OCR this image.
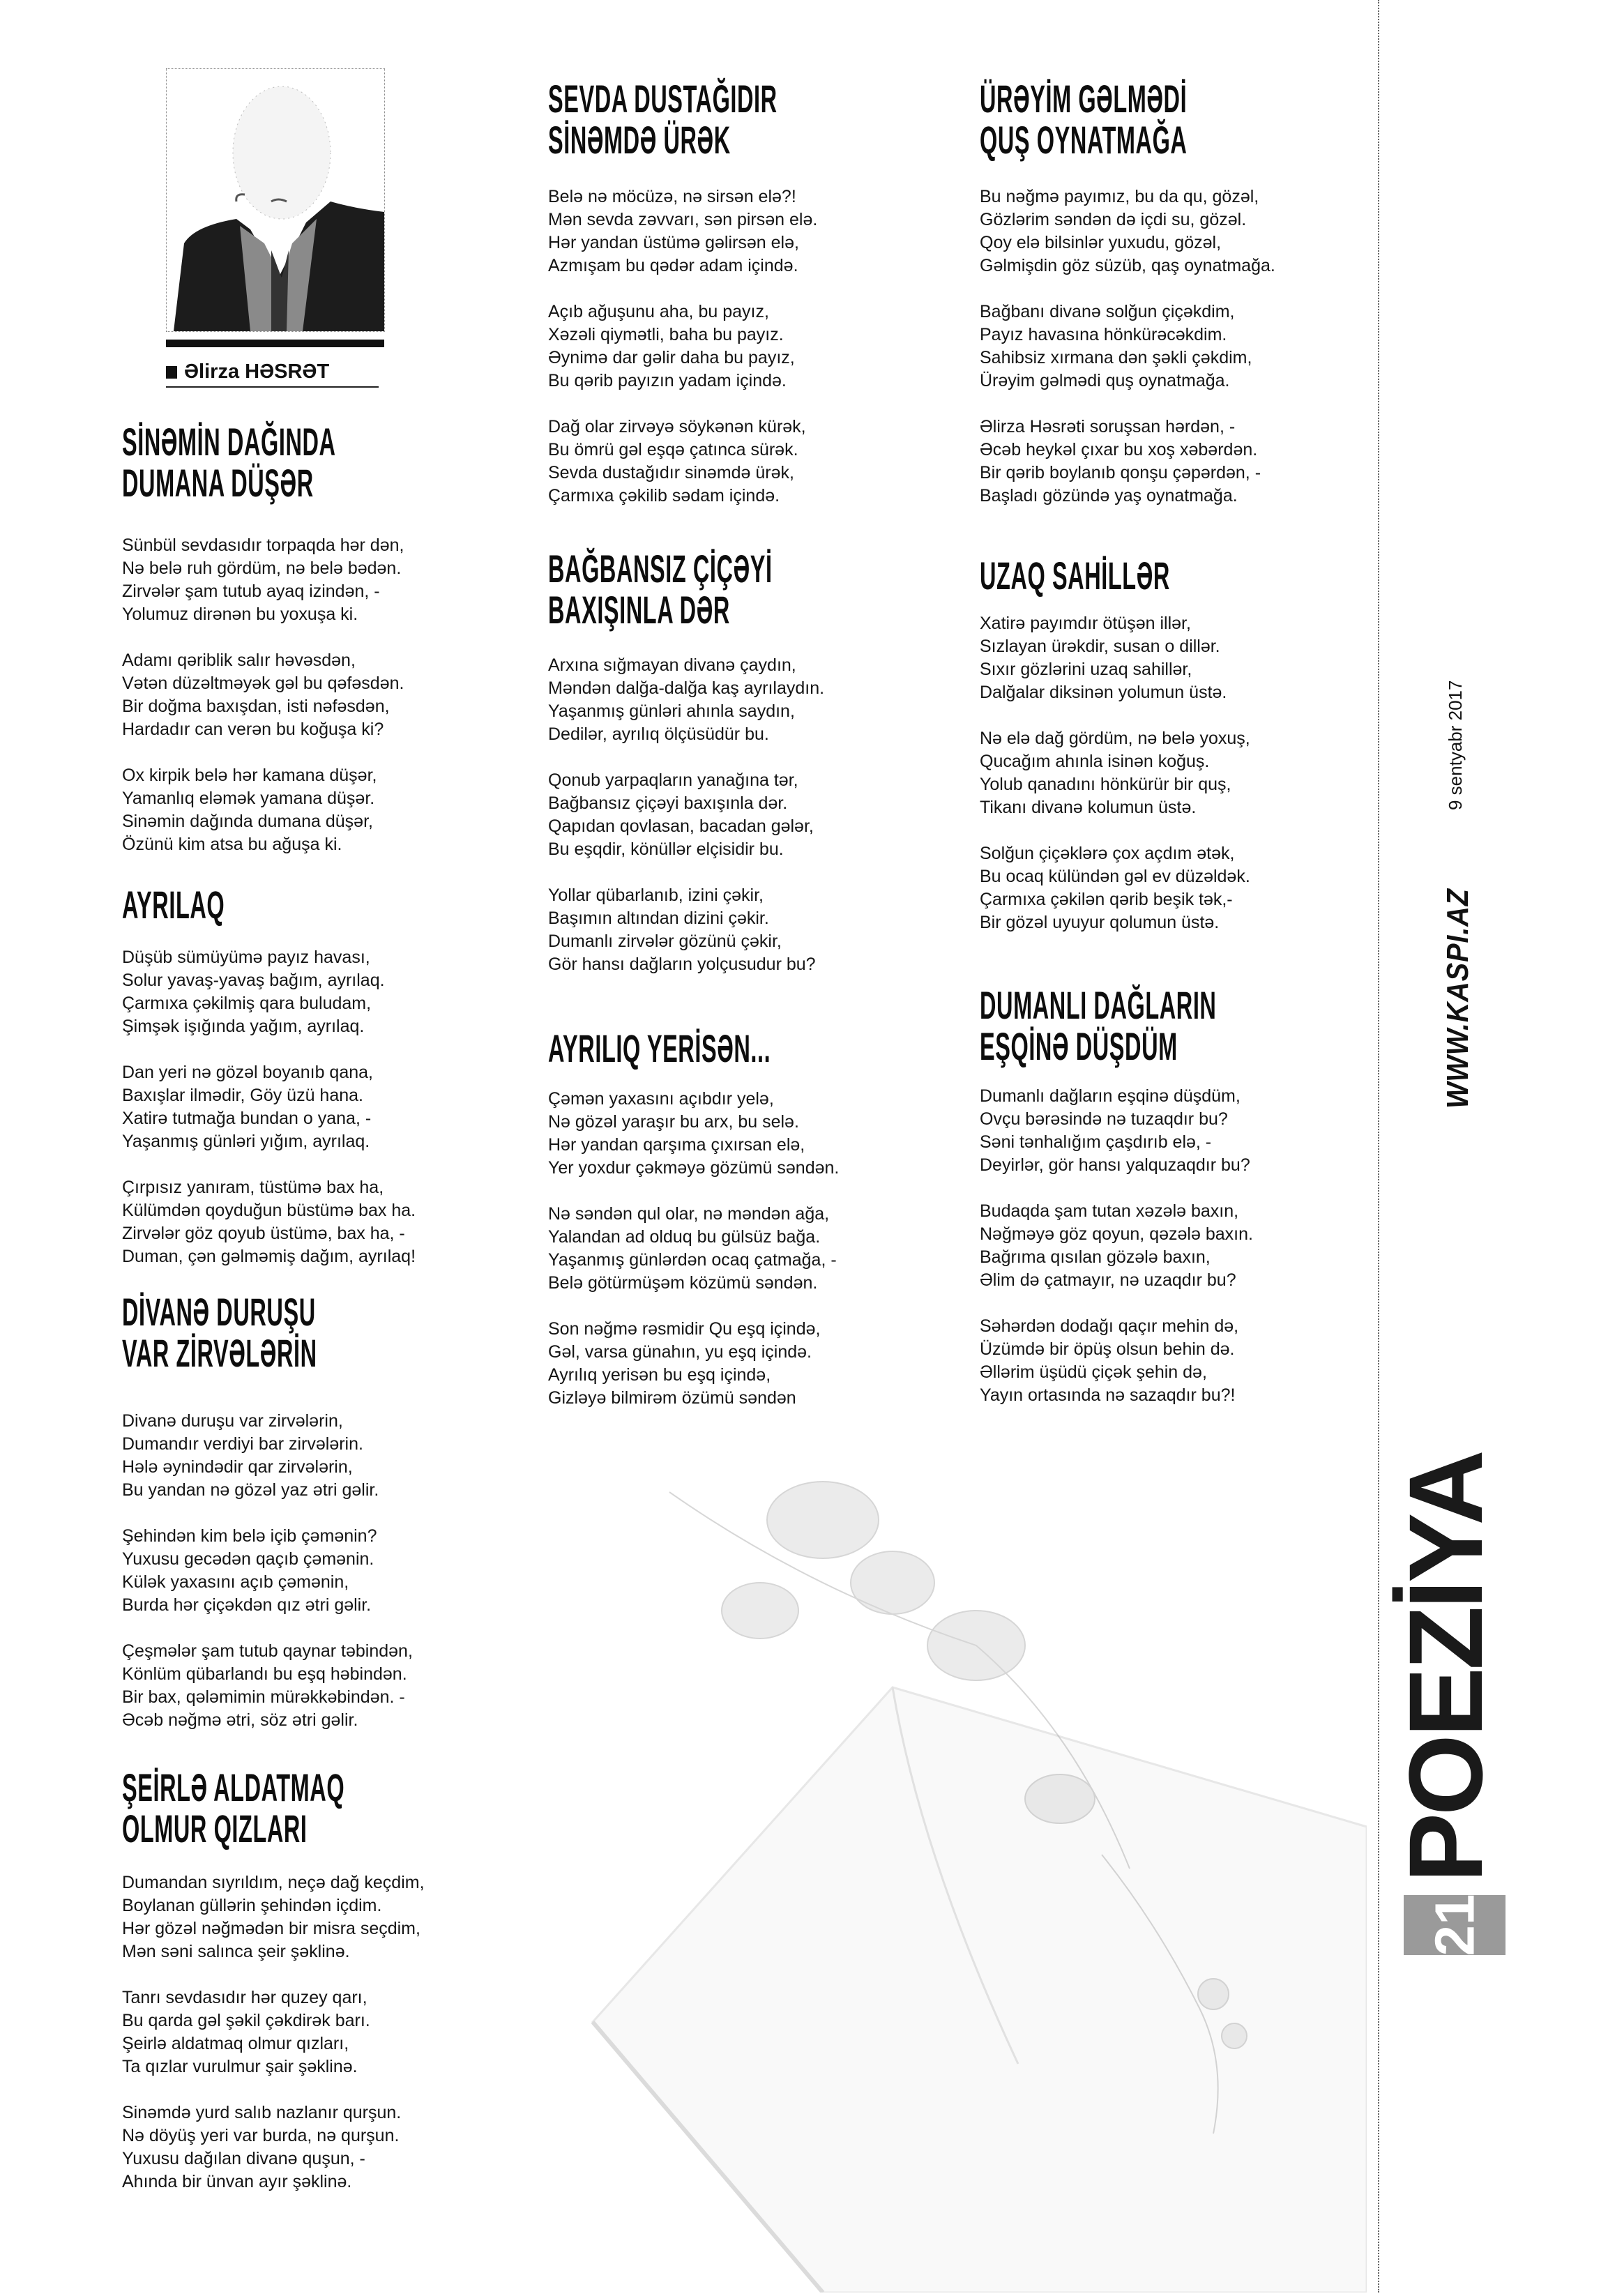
Əlirza HƏSRƏT
SİNƏMİN DAĞINDA
DUMANA DÜŞƏR

Sünbül sevdasıdır torpaqda hər dən,
Nə belə ruh gördüm, nə belə bədən.
Zirvələr şam tutub ayaq izindən, -
Yolumuz dirənən bu yoxuşa ki.

Adamı qəriblik salır həvəsdən,
Vətən düzəltməyək gəl bu qəfəsdən.
Bir doğma baxışdan, isti nəfəsdən,
Hardadır can verən bu koğuşa ki?

Ox kirpik belə hər kamana düşər,
Yamanlıq eləmək yamana düşər.
Sinəmin dağında dumana düşər,
Özünü kim atsa bu ağuşa ki.

AYRILAQ

Düşüb sümüyümə payız havası,
Solur yavaş-yavaş bağım, ayrılaq.
Çarmıxa çəkilmiş qara buludam,
Şimşək işığında yağım, ayrılaq.

Dan yeri nə gözəl boyanıb qana,
Baxışlar ilmədir, Göy üzü hana.
Xatirə tutmağa bundan o yana, -
Yaşanmış günləri yığım, ayrılaq.

Çırpısız yanıram, tüstümə bax ha,
Külümdən qoyduğun büstümə bax ha.
Zirvələr göz qoyub üstümə, bax ha, -
Duman, çən gəlməmiş dağım, ayrılaq!

DİVANƏ DURUŞU
VAR ZİRVƏLƏRİN

Divanə duruşu var zirvələrin,
Dumandır verdiyi bar zirvələrin.
Hələ əynindədir qar zirvələrin,
Bu yandan nə gözəl yaz ətri gəlir.

Şehindən kim belə içib çəmənin?
Yuxusu gecədən qaçıb çəmənin.
Külək yaxasını açıb çəmənin,
Burda hər çiçəkdən qız ətri gəlir.

Çeşmələr şam tutub qaynar təbindən,
Könlüm qübarlandı bu eşq həbindən.
Bir bax, qələmimin mürəkkəbindən. -
Əcəb nəğmə ətri, söz ətri gəlir.

ŞEİRLƏ ALDATMAQ
OLMUR QIZLARI

Dumandan sıyrıldım, neçə dağ keçdim,
Boylanan güllərin şehindən içdim.
Hər gözəl nəğmədən bir misra seçdim,
Mən səni salınca şeir şəklinə.

Tanrı sevdasıdır hər quzey qarı,
Bu qarda gəl şəkil çəkdirək barı.
Şeirlə aldatmaq olmur qızları,
Ta qızlar vurulmur şair şəklinə.

Sinəmdə yurd salıb nazlanır qurşun.
Nə döyüş yeri var burda, nə qurşun.
Yuxusu dağılan divanə quşun, -
Ahında bir ünvan ayır şəklinə.

SEVDA DUSTAĞIDIR
SİNƏMDƏ ÜRƏK

Belə nə möcüzə, nə sirsən elə?!
Mən sevda zəvvarı, sən pirsən elə.
Hər yandan üstümə gəlirsən elə,
Azmışam bu qədər adam içində.

Açıb ağuşunu aha, bu payız,
Xəzəli qiymətli, baha bu payız.
Əynimə dar gəlir daha bu payız,
Bu qərib payızın yadam içində.

Dağ olar zirvəyə söykənən kürək,
Bu ömrü gəl eşqə çatınca sürək.
Sevda dustağıdır sinəmdə ürək,
Çarmıxa çəkilib sədam içində.

BAĞBANSIZ ÇİÇƏYİ
BAXIŞINLA DƏR

Arxına sığmayan divanə çaydın,
Məndən dalğa-dalğa kaş ayrılaydın.
Yaşanmış günləri ahınla saydın,
Dedilər, ayrılıq ölçüsüdür bu.

Qonub yarpaqların yanağına tər,
Bağbansız çiçəyi baxışınla dər.
Qapıdan qovlasan, bacadan gələr,
Bu eşqdir, könüllər elçisidir bu.

Yollar qübarlanıb, izini çəkir,
Başımın altından dizini çəkir.
Dumanlı zirvələr gözünü çəkir,
Gör hansı dağların yolçusudur bu?

AYRILIQ YERİSƏN...

Çəmən yaxasını açıbdır yelə,
Nə gözəl yaraşır bu arx, bu selə.
Hər yandan qarşıma çıxırsan elə,
Yer yoxdur çəkməyə gözümü səndən.

Nə səndən qul olar, nə məndən ağa,
Yalandan ad olduq bu gülsüz bağa.
Yaşanmış günlərdən ocaq çatmağa, -
Belə götürmüşəm közümü səndən.

Son nəğmə rəsmidir Qu eşq içində,
Gəl, varsa günahın, yu eşq içində.
Ayrılıq yerisən bu eşq içində,
Gizləyə bilmirəm özümü səndən

ÜRƏYİM GƏLMƏDİ
QUŞ OYNATMAĞA

Bu nəğmə payımız, bu da qu, gözəl,
Gözlərim səndən də içdi su, gözəl.
Qoy elə bilsinlər yuxudu, gözəl,
Gəlmişdin göz süzüb, qaş oynatmağa.

Bağbanı divanə solğun çiçəkdim,
Payız havasına hönkürəcəkdim.
Sahibsiz xırmana dən şəkli çəkdim,
Ürəyim gəlmədi quş oynatmağa.

Əlirza Həsrəti soruşsan hərdən, -
Əcəb heykəl çıxar bu xoş xəbərdən.
Bir qərib boylanıb qonşu çəpərdən, -
Başladı gözündə yaş oynatmağa.

UZAQ SAHİLLƏR

Xatirə payımdır ötüşən illər,
Sızlayan ürəkdir, susan o dillər.
Sıxır gözlərini uzaq sahillər,
Dalğalar diksinən yolumun üstə.

Nə elə dağ gördüm, nə belə yoxuş,
Qucağım ahınla isinən koğuş.
Yolub qanadını hönkürür bir quş,
Tikanı divanə kolumun üstə.

Solğun çiçəklərə çox açdım ətək,
Bu ocaq külündən gəl ev düzəldək.
Çarmıxa çəkilən qərib beşik tək,-
Bir gözəl uyuyur qolumun üstə.

DUMANLI DAĞLARIN
EŞQİNƏ DÜŞDÜM

Dumanlı dağların eşqinə düşdüm,
Ovçu bərəsində nə tuzaqdır bu?
Səni tənhalığım çaşdırıb elə, -
Deyirlər, gör hansı yalquzaqdır bu?

Budaqda şam tutan xəzələ baxın,
Nəğməyə göz qoyun, qəzələ baxın.
Bağrıma qısılan gözələ baxın,
Əlim də çatmayır, nə uzaqdır bu?

Səhərdən dodağı qaçır mehin də,
Üzümdə bir öpüş olsun behin də.
Əllərim üşüdü çiçək şehin də,
Yayın ortasında nə sazaqdır bu?!

9 sentyabr 2017
WWW.KASPI.AZ
POEZİYA
21
